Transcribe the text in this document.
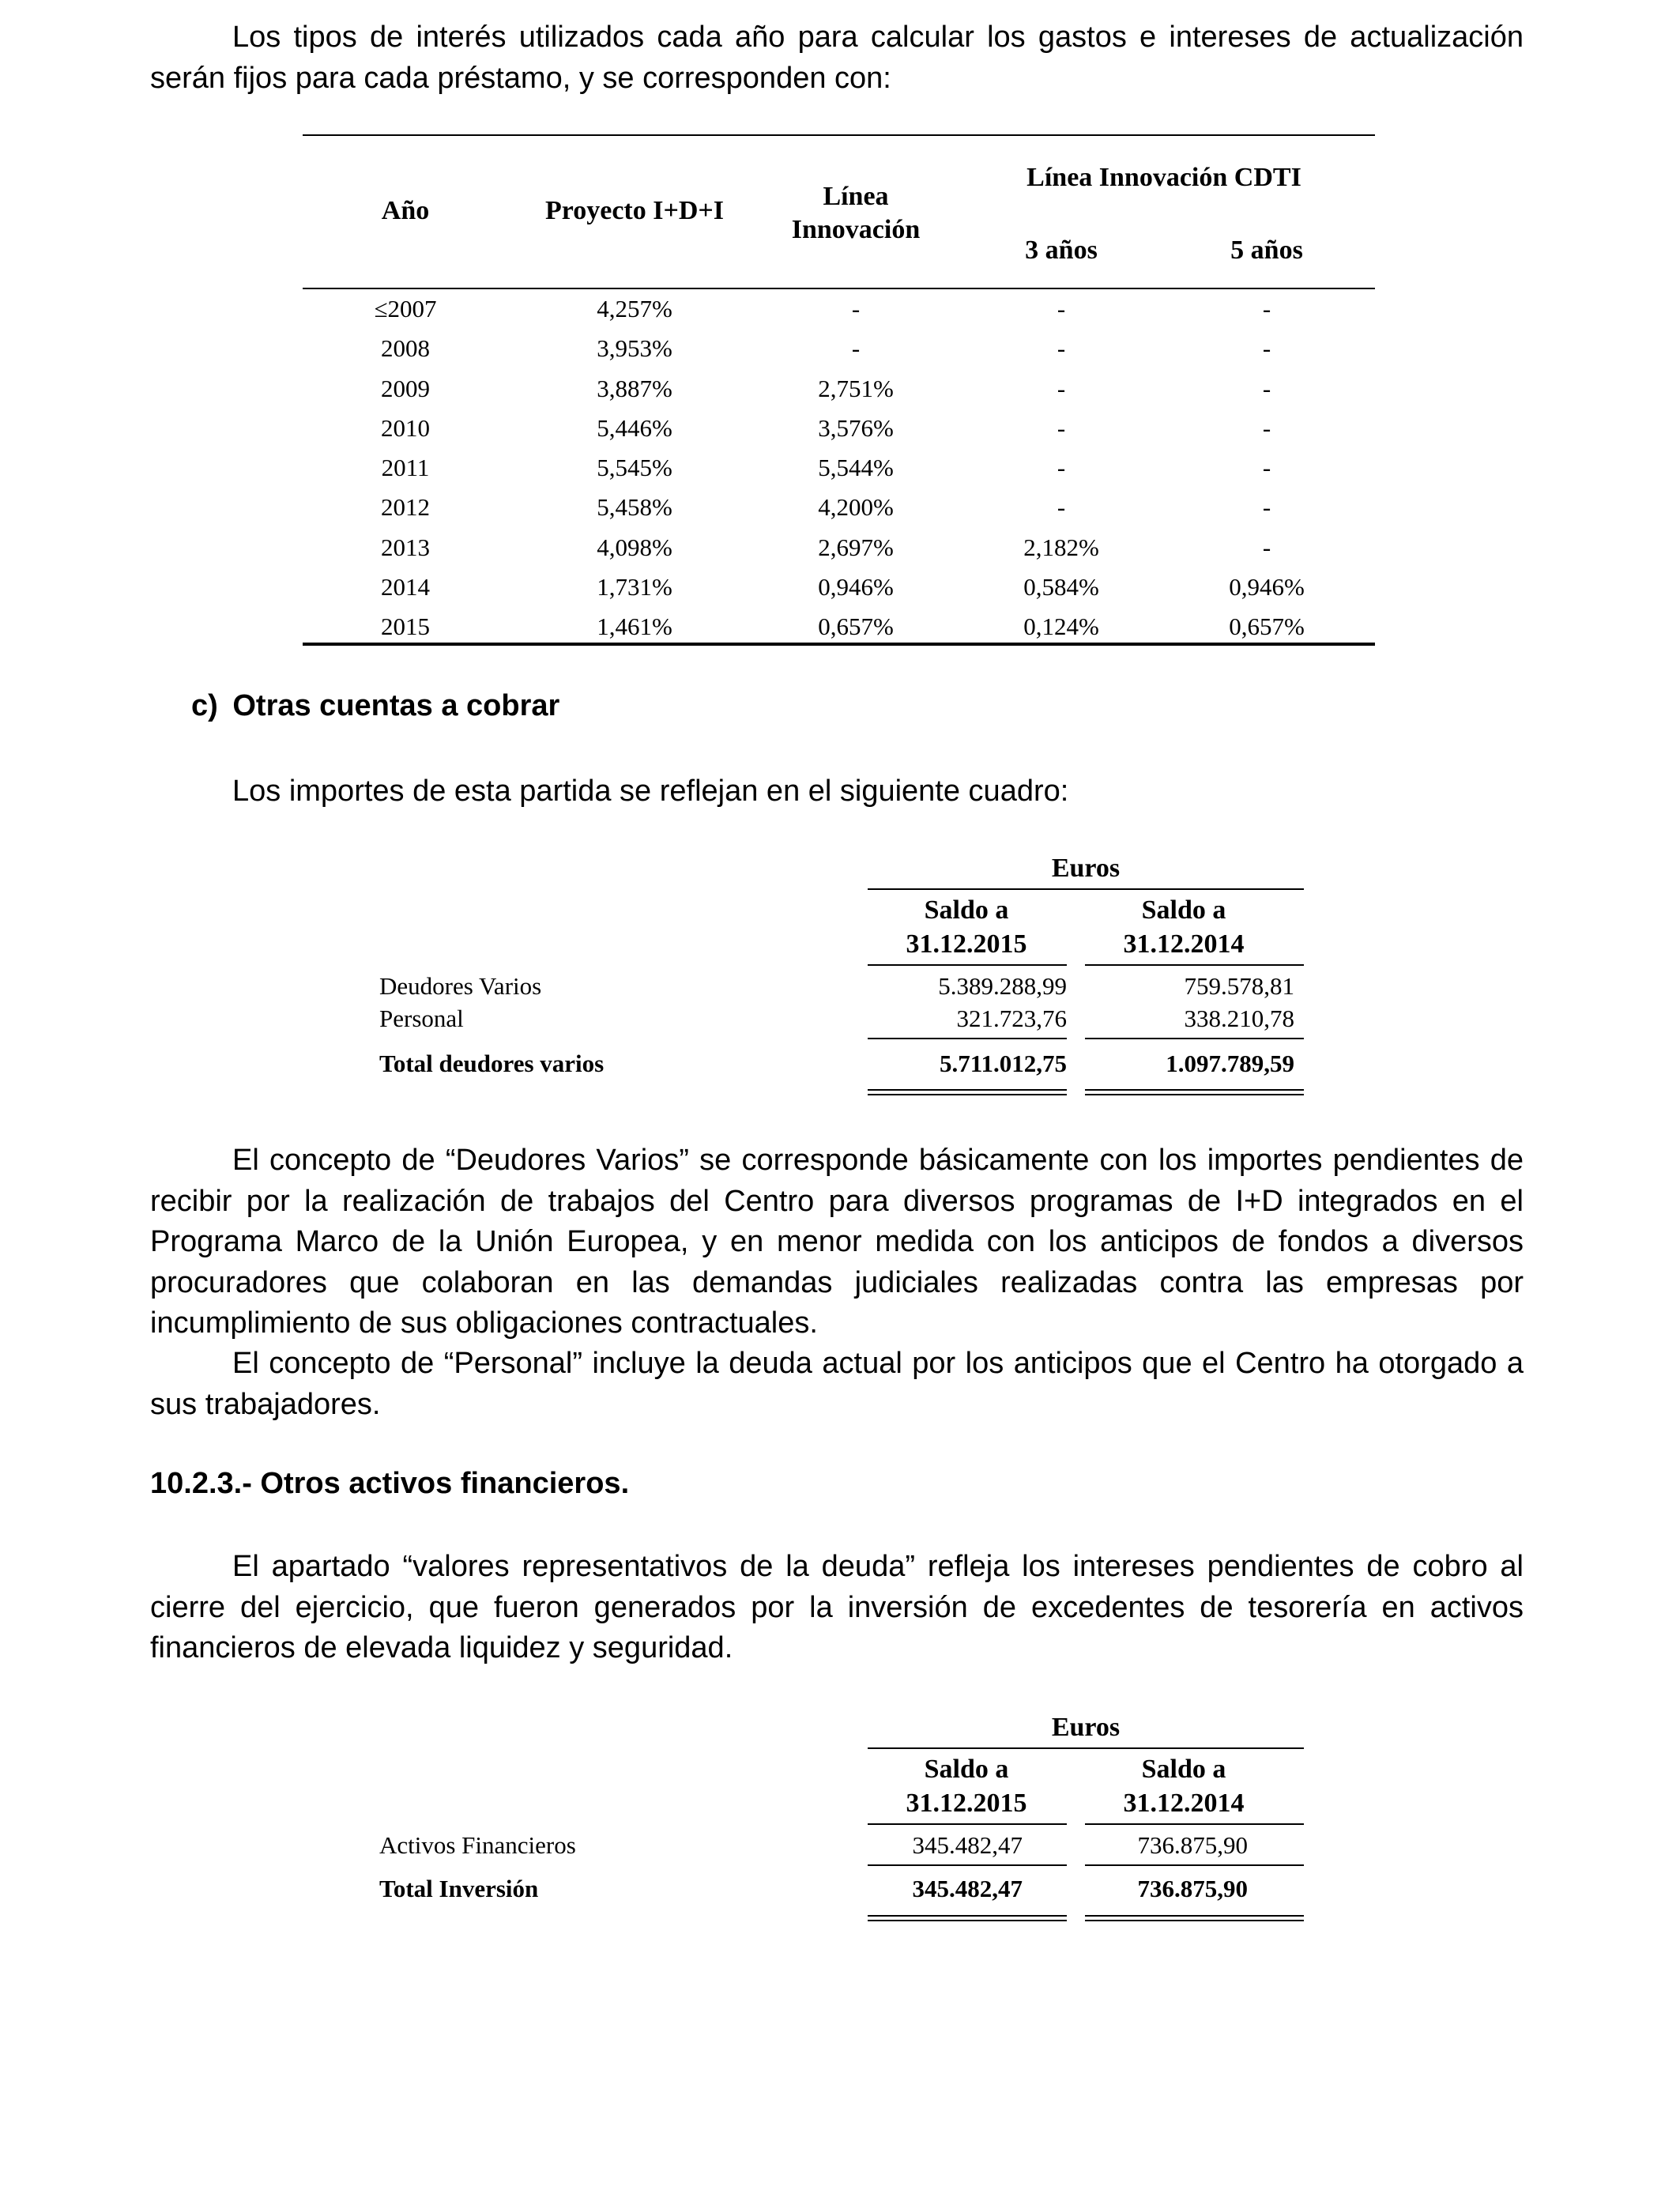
Los tipos de interés utilizados cada año para calcular los gastos e intereses de actualización serán fijos para cada préstamo, y se corresponden con:

Año	Proyecto I+D+I	Línea Innovación
Línea Innovación CDTI
3 años	5 años
≤2007	4,257%	-	-	-
2008	3,953%	-	-	-
2009	3,887%	2,751%	-	-
2010	5,446%	3,576%	-	-
2011	5,545%	5,544%	-	-
2012	5,458%	4,200%	-	-
2013	4,098%	2,697%	2,182%	-
2014	1,731%	0,946%	0,584%	0,946%
2015	1,461%	0,657%	0,124%	0,657%
c) Otras cuentas a cobrar

Los importes de esta partida se reflejan en el siguiente cuadro:

Euros
Saldo a
31.12.2015
Saldo a
31.12.2014
Deudores Varios	5.389.288,99	759.578,81
Personal	321.723,76	338.210,78
Total deudores varios	5.711.012,75	1.097.789,59

El concepto de “Deudores Varios” se corresponde básicamente con los importes pendientes de recibir por la realización de trabajos del Centro para diversos programas de I+D integrados en el Programa Marco de la Unión Europea, y en menor medida con los anticipos de fondos a diversos procuradores que colaboran en las demandas judiciales realizadas contra las empresas por incumplimiento de sus obligaciones contractuales.

El concepto de “Personal” incluye la deuda actual por los anticipos que el Centro ha otorgado a sus trabajadores.

10.2.3.- Otros activos financieros.

El apartado “valores representativos de la deuda” refleja los intereses pendientes de cobro al cierre del ejercicio, que fueron generados por la inversión de excedentes de tesorería en activos financieros de elevada liquidez y seguridad.

Euros
Saldo a
31.12.2015
Saldo a
31.12.2014
Activos Financieros	345.482,47	736.875,90
Total Inversión	345.482,47	736.875,90
